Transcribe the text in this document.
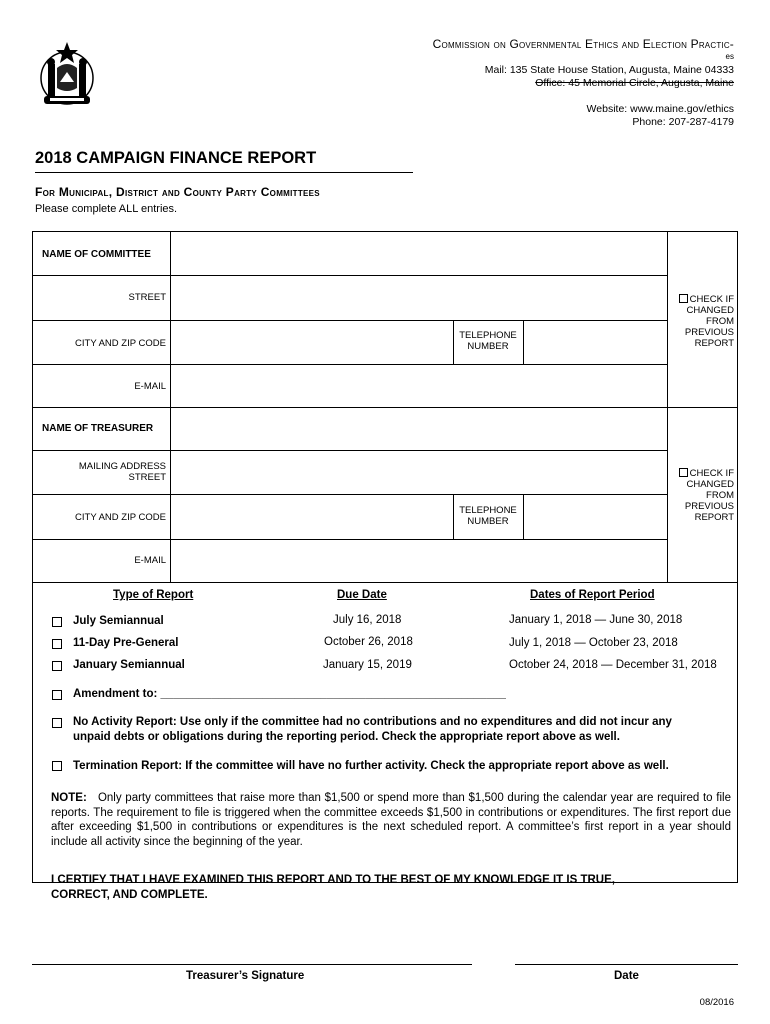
Commission on Governmental Ethics and Election Practic-
es
Mail: 135 State House Station, Augusta, Maine 04333
Office: 45 Memorial Circle, Augusta, Maine
Website: www.maine.gov/ethics
Phone: 207-287-4179
2018 CAMPAIGN FINANCE REPORT
For Municipal, District and County Party Committees
Please complete ALL entries.
NAME OF COMMITTEE
STREET
CITY AND ZIP CODE
TELEPHONE
NUMBER
E-MAIL
CHECK IF
CHANGED
FROM
PREVIOUS
REPORT
NAME OF TREASURER
MAILING ADDRESS
STREET
CITY AND ZIP CODE
TELEPHONE
NUMBER
E-MAIL
CHECK IF
CHANGED
FROM
PREVIOUS
REPORT
Type of Report	Due Date	Dates of Report Period
July Semiannual	July 16, 2018	January 1, 2018 — June 30, 2018
11-Day Pre-General	October 26, 2018	July 1, 2018 — October 23, 2018
January Semiannual	January 15, 2019	October 24, 2018 — December 31, 2018
Amendment to: ______________________________________________________
No Activity Report: Use only if the committee had no contributions and no expenditures and did not incur any
unpaid debts or obligations during the reporting period. Check the appropriate report above as well.
Termination Report: If the committee will have no further activity. Check the appropriate report above as well.
NOTE: Only party committees that raise more than $1,500 or spend more than $1,500 during the calendar year are required to file reports. The requirement to file is triggered when the committee exceeds $1,500 in contributions or expenditures. The first report due after exceeding $1,500 in contributions or expenditures is the next scheduled report. A committee’s first report in a year should include all activity since the beginning of the year.
I CERTIFY THAT I HAVE EXAMINED THIS REPORT AND TO THE BEST OF MY KNOWLEDGE IT IS TRUE,
CORRECT, AND COMPLETE.
Treasurer’s Signature	Date
08/2016
